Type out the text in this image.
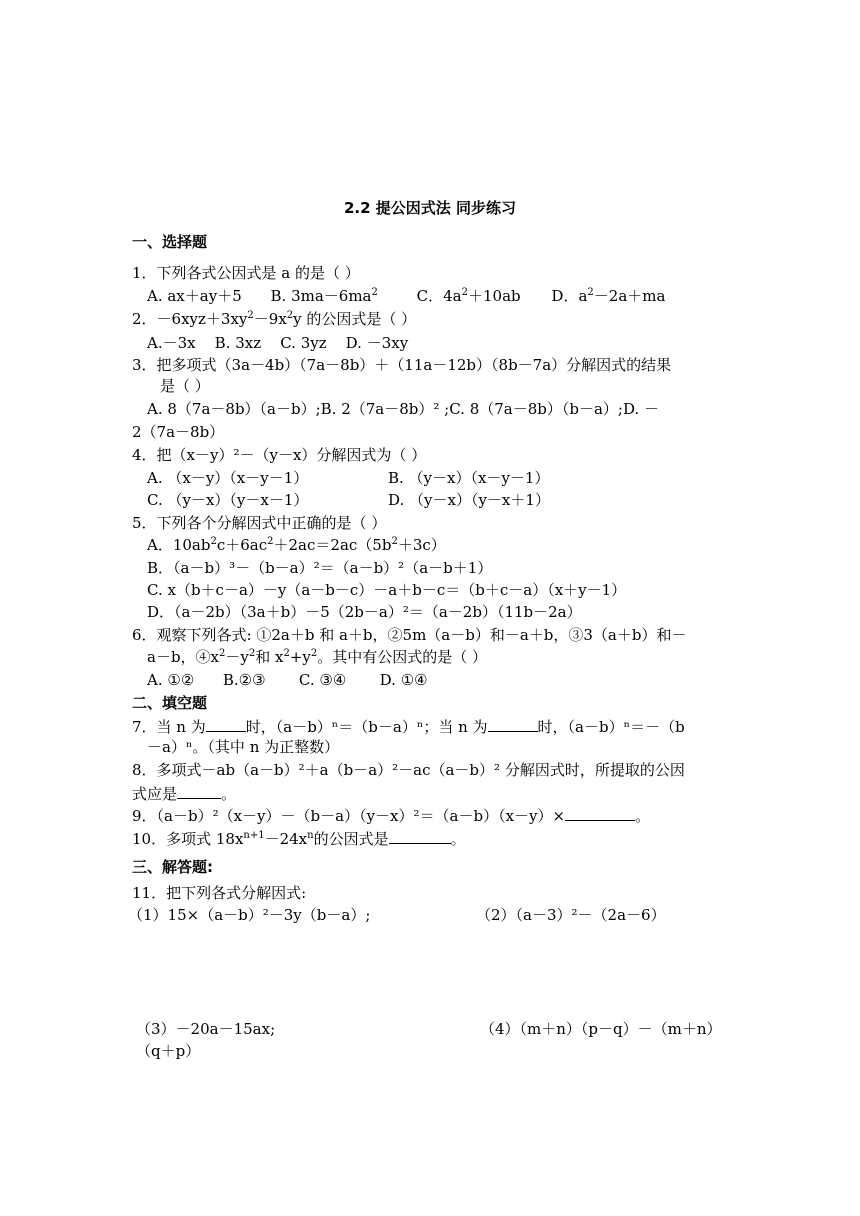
2.2 提公因式法 同步练习
一、选择题
1．下列各式公因式是 a 的是（ ）
A. ax＋ay＋5 B. $3ma-6ma^2$	C．$4a^2+10ab$ D．$a^2-2a+ma$
2．$-6xyz+3xy^2-9x^2y$ 的公因式是（ ）
A.－3x    B. 3xz    C. 3yz    D. －3xy
3．把多项式（3a－4b）（7a－8b）＋（11a－12b）（8b－7a）分解因式的结果
是（ ）
A. 8（7a－8b）（a－b）;B. 2（7a－8b）² ;C. 8（7a－8b）（b－a）;D. －
2（7a－8b）
4．把（x－y）²－（y－x）分解因式为（ ）
A. （x－y）（x－y－1）	B. （y－x）（x－y－1）
C. （y－x）（y－x－1）	D. （y－x）（y－x＋1）
5．下列各个分解因式中正确的是（ ）
A．$10ab^2c+6ac^2+2ac=2ac(5b^2+3c)$
B．（a－b）³－（b－a）²＝（a－b）²（a－b＋1）
C. x（b＋c－a）－y（a－b－c）－a＋b－c＝（b＋c－a）（x＋y－1）
D．（a－2b）（3a＋b）－5（2b－a）²＝（a－2b）（11b－2a）
6．观察下列各式: ①2a＋b 和 a＋b，②5m（a－b）和－a＋b，③3（a＋b）和－
a－b，$④x^2-y^2$和 $x^2+y^2$。其中有公因式的是（ ）
A. ①②      B.②③       C. ③④       D. ①④
二、填空题
7．当 n 为	时，（a－b）ⁿ＝（b－a）ⁿ；当 n 为	时，（a－b）ⁿ＝－（b
－a）ⁿ。（其中 n 为正整数）
8．多项式－ab（a－b）²＋a（b－a）²－ac（a－b）² 分解因式时，所提取的公因
式应是	。
9．（a－b）²（x－y）－（b－a）（y－x）²＝（a－b）（x－y）×	。
10．多项式 $18x^{n+1}-24x^n$的公因式是	。
三、解答题:
11．把下列各式分解因式:
（1）15×（a－b）²－3y（b－a）;	（2）（a－3）²－（2a－6）
（3）－20a－15ax;	（4）（m＋n）（p－q）－（m＋n）
（q＋p）
